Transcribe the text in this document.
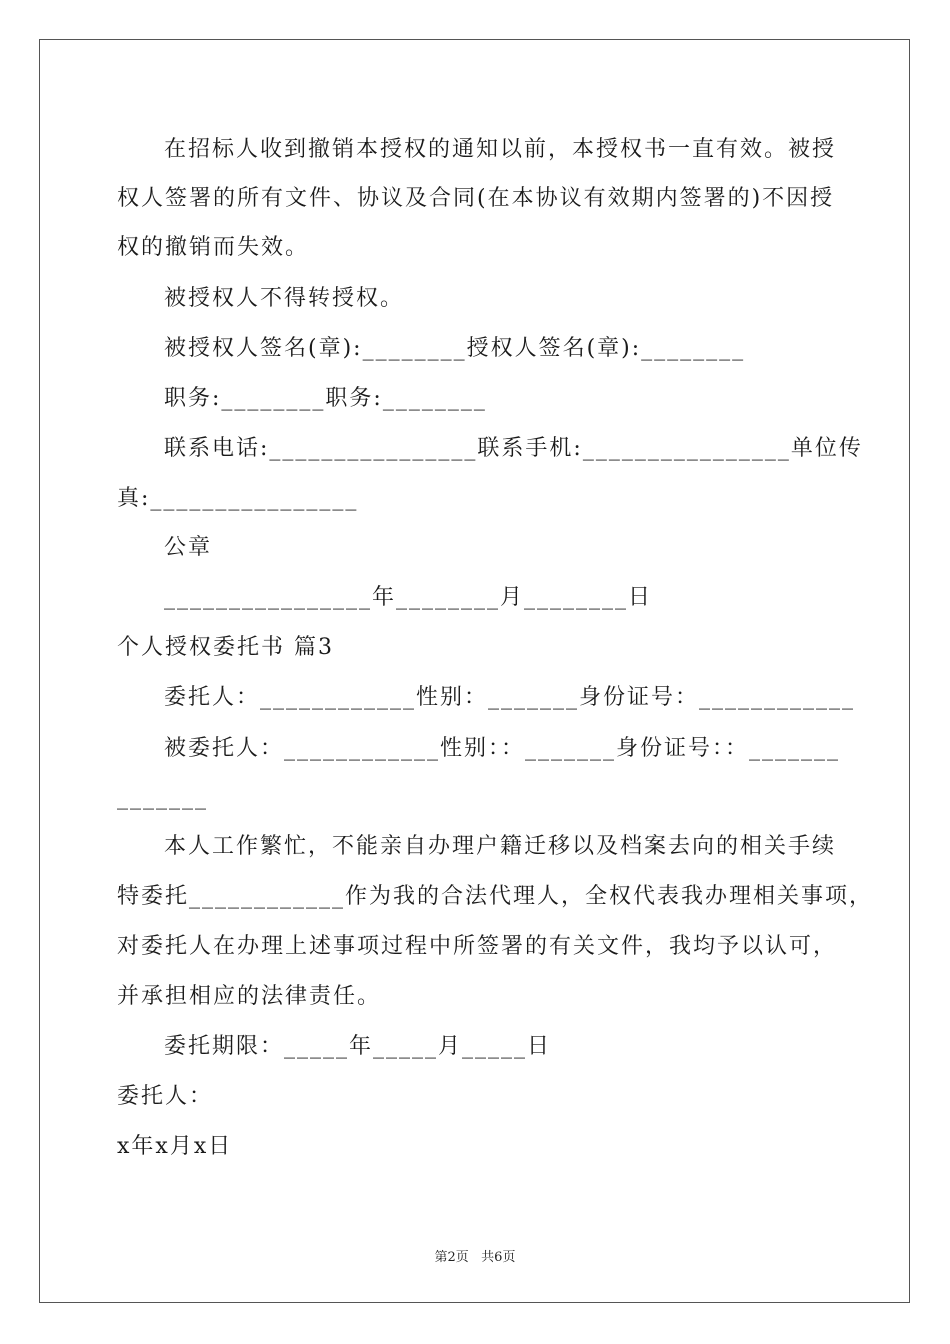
在招标人收到撤销本授权的通知以前，本授权书一直有效。被授

权人签署的所有文件、协议及合同(在本协议有效期内签署的)不因授

权的撤销而失效。

被授权人不得转授权。

被授权人签名(章):________授权人签名(章):________

职务:________职务:________

联系电话:________________联系手机:________________单位传

真:________________

公章

________________年________月________日

个人授权委托书 篇3

委托人：____________性别：_______身份证号：____________

被委托人：____________性别：：_______身份证号：：_______

_______

本人工作繁忙，不能亲自办理户籍迁移以及档案去向的相关手续

特委托____________作为我的合法代理人，全权代表我办理相关事项，

对委托人在办理上述事项过程中所签署的有关文件，我均予以认可，

并承担相应的法律责任。

委托期限：_____年_____月_____日

委托人：

x年x月x日

第2页   共6页
